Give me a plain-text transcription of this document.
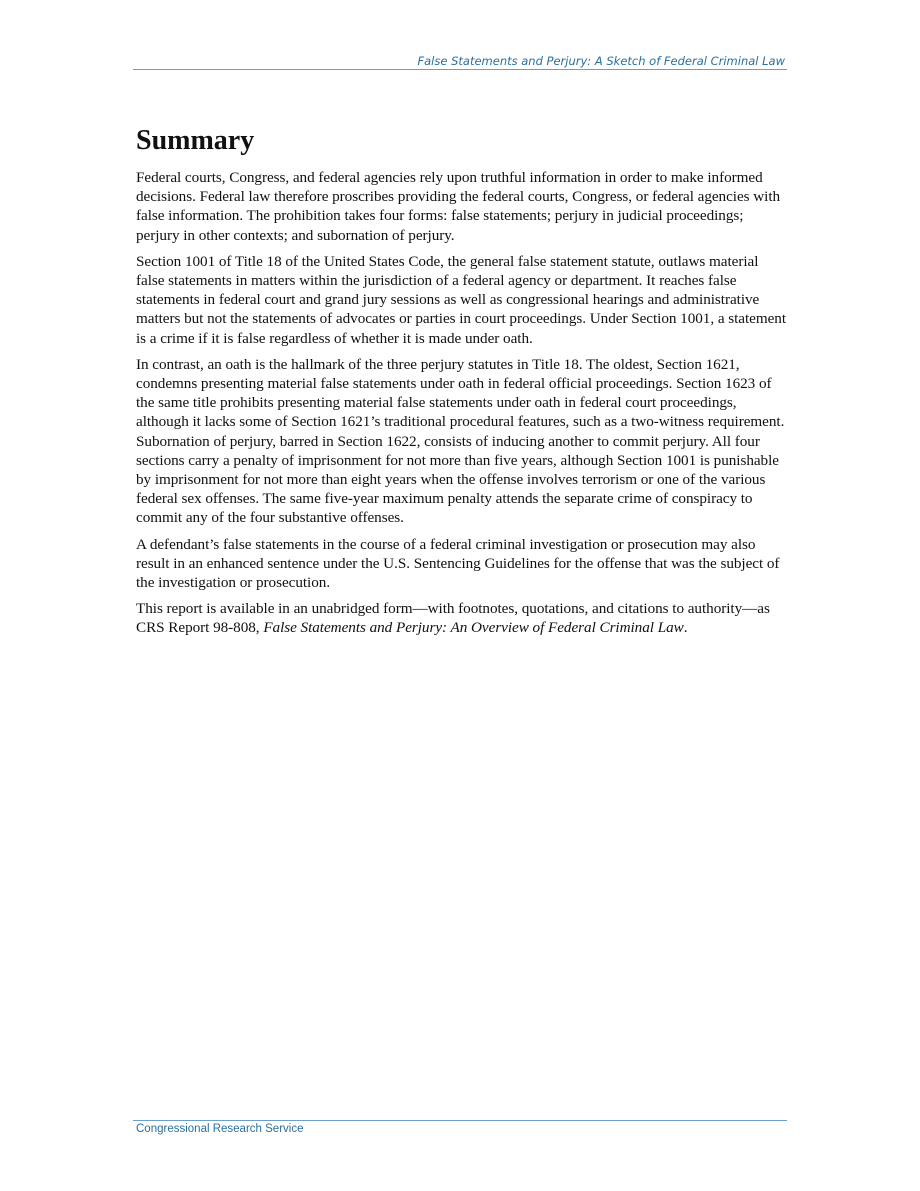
False Statements and Perjury: A Sketch of Federal Criminal Law
Summary

Federal courts, Congress, and federal agencies rely upon truthful information in order to make informed decisions. Federal law therefore proscribes providing the federal courts, Congress, or federal agencies with false information. The prohibition takes four forms: false statements; perjury in judicial proceedings; perjury in other contexts; and subornation of perjury.

Section 1001 of Title 18 of the United States Code, the general false statement statute, outlaws material false statements in matters within the jurisdiction of a federal agency or department. It reaches false statements in federal court and grand jury sessions as well as congressional hearings and administrative matters but not the statements of advocates or parties in court proceedings. Under Section 1001, a statement is a crime if it is false regardless of whether it is made under oath.

In contrast, an oath is the hallmark of the three perjury statutes in Title 18. The oldest, Section 1621, condemns presenting material false statements under oath in federal official proceedings. Section 1623 of the same title prohibits presenting material false statements under oath in federal court proceedings, although it lacks some of Section 1621’s traditional procedural features, such as a two-witness requirement. Subornation of perjury, barred in Section 1622, consists of inducing another to commit perjury. All four sections carry a penalty of imprisonment for not more than five years, although Section 1001 is punishable by imprisonment for not more than eight years when the offense involves terrorism or one of the various federal sex offenses. The same five-year maximum penalty attends the separate crime of conspiracy to commit any of the four substantive offenses.

A defendant’s false statements in the course of a federal criminal investigation or prosecution may also result in an enhanced sentence under the U.S. Sentencing Guidelines for the offense that was the subject of the investigation or prosecution.

This report is available in an unabridged form—with footnotes, quotations, and citations to authority—as CRS Report 98-808, False Statements and Perjury: An Overview of Federal Criminal Law.

Congressional Research Service
